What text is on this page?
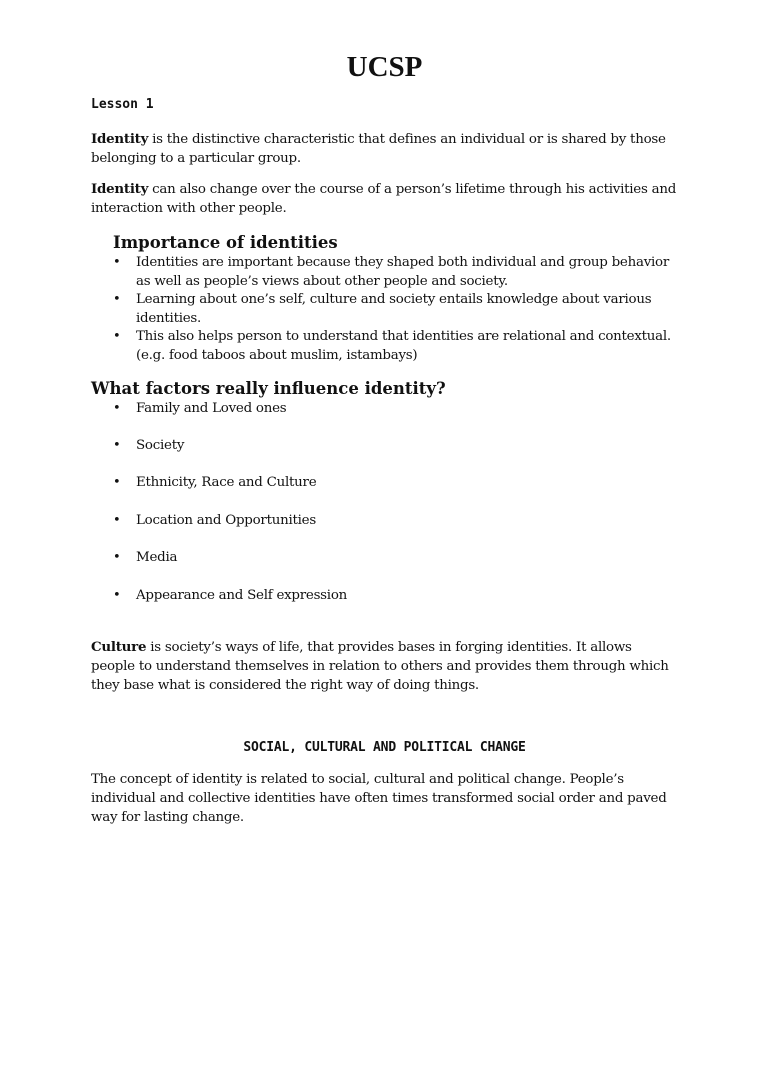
UCSP
Lesson 1

Identity is the distinctive characteristic that defines an individual or is shared by those belonging to a particular group.

Identity can also change over the course of a person’s lifetime through his activities and interaction with other people.

Importance of identities
• Identities are important because they shaped both individual and group behavior as well as people’s views about other people and society.
• Learning about one’s self, culture and society entails knowledge about various identities.
• This also helps person to understand that identities are relational and contextual. (e.g. food taboos about muslim, istambays)
What factors really influence identity?
• Family and Loved ones
• Society
• Ethnicity, Race and Culture
• Location and Opportunities
• Media
• Appearance and Self expression

Culture is society’s ways of life, that provides bases in forging identities. It allows people to understand themselves in relation to others and provides them through which they base what is considered the right way of doing things.

SOCIAL, CULTURAL AND POLITICAL CHANGE

The concept of identity is related to social, cultural and political change. People’s individual and collective identities have often times transformed social order and paved way for lasting change.
